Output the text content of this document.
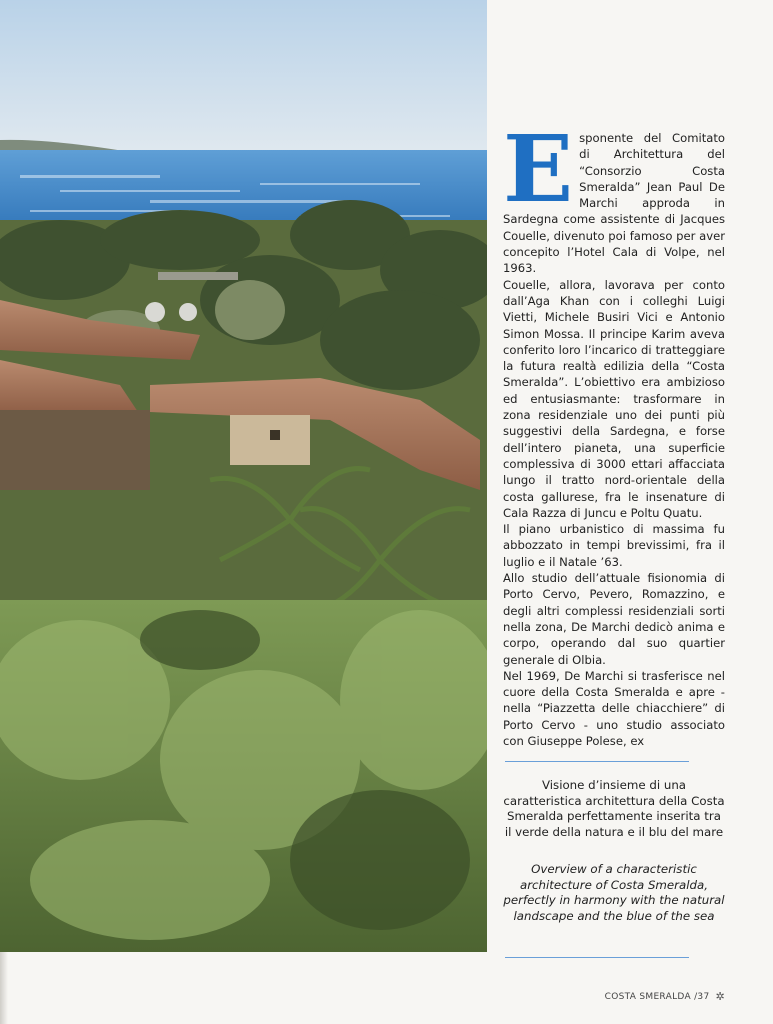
E sponente del Comitato di Architettura del “Consorzio Costa Smeralda” Jean Paul De Marchi approda in Sardegna come assistente di Jacques Couelle, divenuto poi famoso per aver concepito l’Hotel Cala di Volpe, nel 1963.

Couelle, allora, lavorava per conto dall’Aga Khan con i colleghi Luigi Vietti, Michele Busiri Vici e Antonio Simon Mossa. Il principe Karim aveva conferito loro l’incarico di tratteggiare la futura realtà edilizia della “Costa Smeralda”. L’obiettivo era ambizioso ed entusiasmante: trasformare in zona residenziale uno dei punti più suggestivi della Sardegna, e forse dell’intero pianeta, una superficie complessiva di 3000 ettari affacciata lungo il tratto nord-orientale della costa gallurese, fra le insenature di Cala Razza di Juncu e Poltu Quatu.

Il piano urbanistico di massima fu abbozzato in tempi brevissimi, fra il luglio e il Natale ’63.

Allo studio dell’attuale fisionomia di Porto Cervo, Pevero, Romazzino, e degli altri complessi residenziali sorti nella zona, De Marchi dedicò anima e corpo, operando dal suo quartier generale di Olbia.

Nel 1969, De Marchi si trasferisce nel cuore della Costa Smeralda e apre - nella “Piazzetta delle chiacchiere” di Porto Cervo - uno studio associato con Giuseppe Polese, ex

Visione d’insieme di una caratteristica architettura della Costa Smeralda perfettamente inserita tra il verde della natura e il blu del mare
Overview of a characteristic architecture of Costa Smeralda, perfectly in harmony with the natural landscape and the blue of the sea
COSTA SMERALDA /37 ✲
